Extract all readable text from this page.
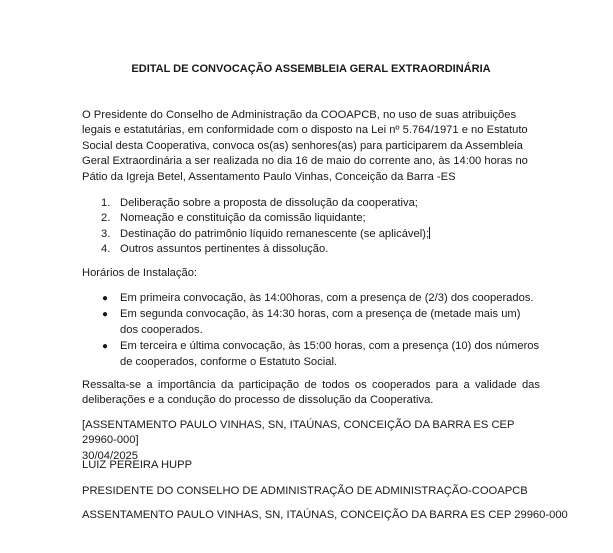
EDITAL DE CONVOCAÇÃO ASSEMBLEIA GERAL EXTRAORDINÁRIA

O Presidente do Conselho de Administração da COOAPCB, no uso de suas atribuições legais e estatutárias, em conformidade com o disposto na Lei nº 5.764/1971 e no Estatuto Social desta Cooperativa, convoca os(as) senhores(as) para participarem da Assembleia Geral Extraordinária a ser realizada no dia 16 de maio do corrente ano, às 14:00 horas no Pátio da Igreja Betel, Assentamento Paulo Vinhas, Conceição da Barra -ES

1. Deliberação sobre a proposta de dissolução da cooperativa;
2. Nomeação e constituição da comissão liquidante;
3. Destinação do patrimônio líquido remanescente (se aplicável);
4. Outros assuntos pertinentes à dissolução.
Horários de Instalação:
● Em primeira convocação, às 14:00horas, com a presença de (2/3) dos cooperados.
● Em segunda convocação, às 14:30 horas, com a presença de (metade mais um) dos cooperados.
● Em terceira e última convocação, às 15:00 horas, com a presença (10) dos números de cooperados, conforme o Estatuto Social.

Ressalta-se a importância da participação de todos os cooperados para a validade das deliberações e a condução do processo de dissolução da Cooperativa.

[ASSENTAMENTO PAULO VINHAS, SN, ITAÚNAS, CONCEIÇÃO DA BARRA ES CEP 29960-000]
30/04/2025
LUIZ PEREIRA HUPP
PRESIDENTE DO CONSELHO DE ADMINISTRAÇÃO DE ADMINISTRAÇÃO-COOAPCB
ASSENTAMENTO PAULO VINHAS, SN, ITAÚNAS, CONCEIÇÃO DA BARRA ES CEP 29960-000
